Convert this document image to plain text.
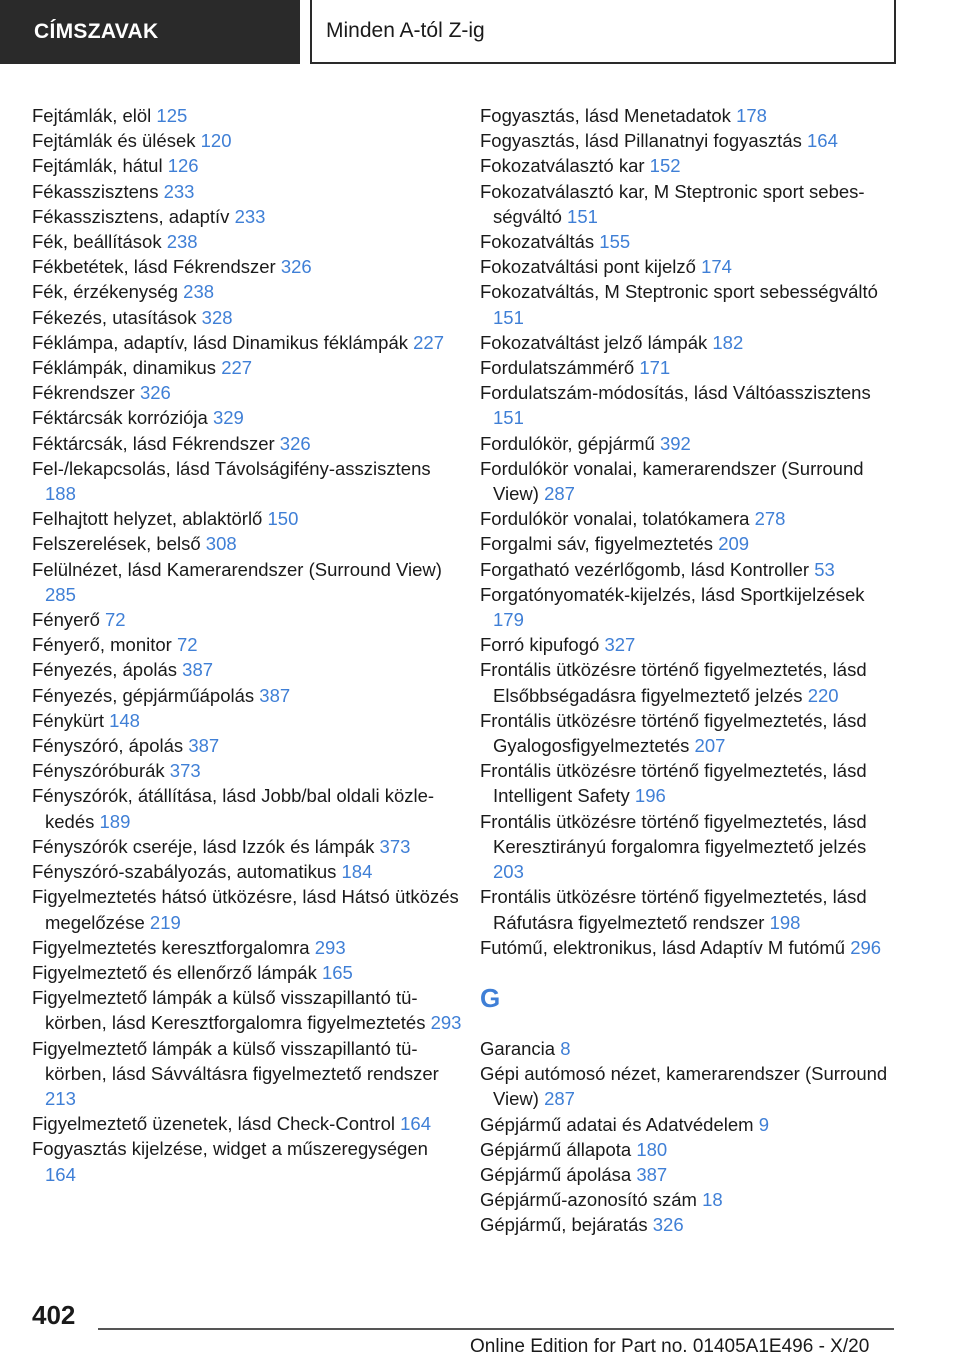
CÍMSZAVAK	Minden A-tól Z-ig
Fejtámlák, elöl 125
Fejtámlák és ülések 120
Fejtámlák, hátul 126
Fékasszisztens 233
Fékasszisztens, adaptív 233
Fék, beállítások 238
Fékbetétek, lásd Fékrendszer 326
Fék, érzékenység 238
Fékezés, utasítások 328
Féklámpa, adaptív, lásd Dinamikus féklámpák 227
Féklámpák, dinamikus 227
Fékrendszer 326
Féktárcsák korróziója 329
Féktárcsák, lásd Fékrendszer 326
Fel-/lekapcsolás, lásd Távolságifény-asszisztens 188
Felhajtott helyzet, ablaktörlő 150
Felszerelések, belső 308
Felülnézet, lásd Kamerarendszer (Surround View) 285
Fényerő 72
Fényerő, monitor 72
Fényezés, ápolás 387
Fényezés, gépjárműápolás 387
Fénykürt 148
Fényszóró, ápolás 387
Fényszóróburák 373
Fényszórók, átállítása, lásd Jobb/bal oldali közlekedés 189
Fényszórók cseréje, lásd Izzók és lámpák 373
Fényszóró-szabályozás, automatikus 184
Figyelmeztetés hátsó ütközésre, lásd Hátsó ütközés megelőzése 219
Figyelmeztetés keresztforgalomra 293
Figyelmeztető és ellenőrző lámpák 165
Figyelmeztető lámpák a külső visszapillantó tükörben, lásd Keresztforgalomra figyelmeztetés 293
Figyelmeztető lámpák a külső visszapillantó tükörben, lásd Sávváltásra figyelmeztető rendszer 213
Figyelmeztető üzenetek, lásd Check-Control 164
Fogyasztás kijelzése, widget a műszeregységen 164
Fogyasztás, lásd Menetadatok 178
Fogyasztás, lásd Pillanatnyi fogyasztás 164
Fokozatválasztó kar 152
Fokozatválasztó kar, M Steptronic sport sebességváltó 151
Fokozatváltás 155
Fokozatváltási pont kijelző 174
Fokozatváltás, M Steptronic sport sebességváltó 151
Fokozatváltást jelző lámpák 182
Fordulatszámmérő 171
Fordulatszám-módosítás, lásd Váltóasszisztens 151
Fordulókör, gépjármű 392
Fordulókör vonalai, kamerarendszer (Surround View) 287
Fordulókör vonalai, tolatókamera 278
Forgalmi sáv, figyelmeztetés 209
Forgatható vezérlőgomb, lásd Kontroller 53
Forgatónyomaték-kijelzés, lásd Sportkijelzések 179
Forró kipufogó 327
Frontális ütközésre történő figyelmeztetés, lásd Elsőbbségadásra figyelmeztető jelzés 220
Frontális ütközésre történő figyelmeztetés, lásd Gyalogosfigyelmeztetés 207
Frontális ütközésre történő figyelmeztetés, lásd Intelligent Safety 196
Frontális ütközésre történő figyelmeztetés, lásd Keresztirányú forgalomra figyelmeztető jelzés 203
Frontális ütközésre történő figyelmeztetés, lásd Ráfutásra figyelmeztető rendszer 198
Futómű, elektronikus, lásd Adaptív M futómű 296
G
Garancia 8
Gépi autómosó nézet, kamerarendszer (Surround View) 287
Gépjármű adatai és Adatvédelem 9
Gépjármű állapota 180
Gépjármű ápolása 387
Gépjármű-azonosító szám 18
Gépjármű, bejáratás 326
402
Online Edition for Part no. 01405A1E496 - X/20
